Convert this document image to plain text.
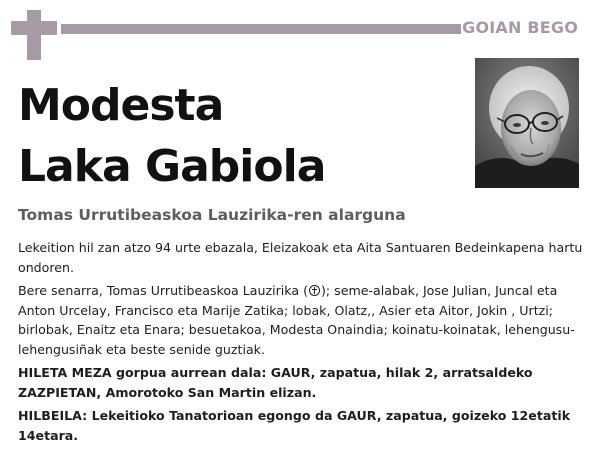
GOIAN BEGO
Modesta
Laka Gabiola
Tomas Urrutibeaskoa Lauzirika-ren alarguna

Lekeition hil zan atzo 94 urte ebazala, Eleizakoak eta Aita Santuaren Bedeinkapena hartu ondoren.

Bere senarra, Tomas Urrutibeaskoa Lauzirika ( ); seme-alabak, Jose Julian, Juncal eta Anton Urcelay, Francisco eta Marije Zatika; lobak, Olatz,, Asier eta Aitor, Jokin , Urtzi; birlobak, Enaitz eta Enara; besuetakoa, Modesta Onaindia; koinatu-koinatak, lehengusu-lehengusiñak eta beste senide guztiak.

HILETA MEZA gorpua aurrean dala: GAUR, zapatua, hilak 2, arratsaldeko ZAZPIETAN, Amorotoko San Martin elizan.

HILBEILA: Lekeitioko Tanatorioan egongo da GAUR, zapatua, goizeko 12etatik 14etara.
